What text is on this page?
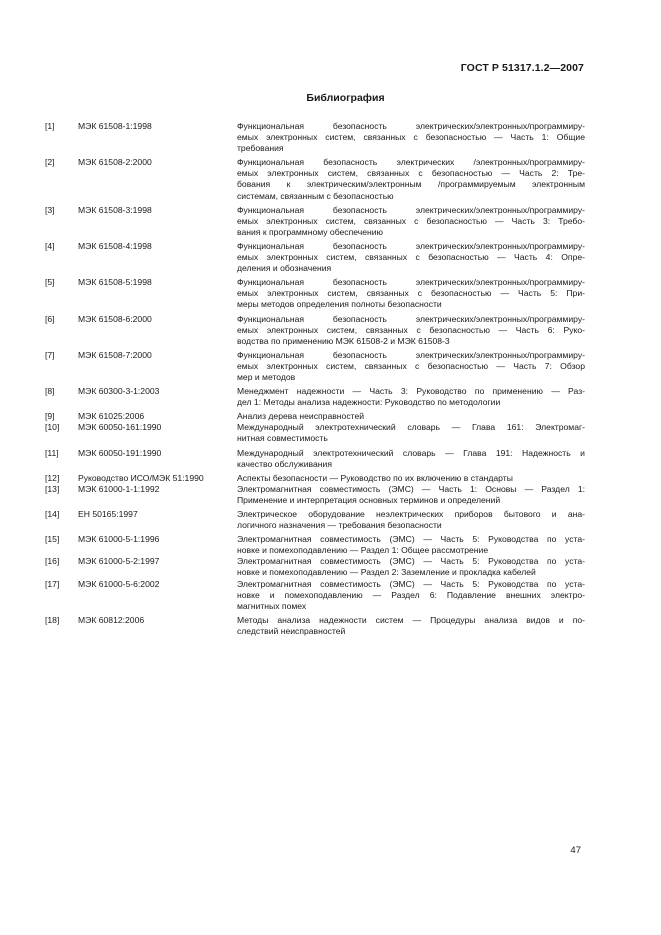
ГОСТ Р 51317.1.2—2007
Библиография
[1]	МЭК 61508-1:1998	Функциональная безопасность электрических/электронных/программиру-
емых электронных систем, связанных с безопасностью — Часть 1: Общие
требования
[2]	МЭК 61508-2:2000	Функциональная безопасность электрических /электронных/программиру-
емых электронных систем, связанных с безопасностью — Часть 2: Тре-
бования к электрическим/электронным /программируемым электронным
системам, связанным с безопасностью
[3]	МЭК 61508-3:1998	Функциональная безопасность электрических/электронных/программиру-
емых электронных систем, связанных с безопасностью — Часть 3: Требо-
вания к программному обеспечению
[4]	МЭК 61508-4:1998	Функциональная безопасность электрических/электронных/программиру-
емых электронных систем, связанных с безопасностью — Часть 4: Опре-
деления и обозначения
[5]	МЭК 61508-5:1998	Функциональная безопасность электрических/электронных/программиру-
емых электронных систем, связанных с безопасностью — Часть 5: При-
меры методов определения полноты безопасности
[6]	МЭК 61508-6:2000	Функциональная безопасность электрических/электронных/программиру-
емых электронных систем, связанных с безопасностью — Часть 6: Руко-
водства по применению МЭК 61508-2 и МЭК 61508-3
[7]	МЭК 61508-7:2000	Функциональная безопасность электрических/электронных/программиру-
емых электронных систем, связанных с безопасностью — Часть 7: Обзор
мер и методов
[8]	МЭК 60300-3-1:2003	Менеджмент надежности — Часть 3: Руководство по применению — Раз-
дел 1: Методы анализа надежности: Руководство по методологии
[9]	МЭК 61025:2006	Анализ дерева неисправностей
[10]	МЭК 60050-161:1990	Международный электротехнический словарь — Глава 161: Электромаг-
нитная совместимость
[11]	МЭК 60050-191:1990	Международный электротехнический словарь — Глава 191: Надежность и
качество обслуживания
[12]	Руководство ИСО/МЭК 51:1990	Аспекты безопасности — Руководство по их включению в стандарты
[13]	МЭК 61000-1-1:1992	Электромагнитная совместимость (ЭМС) — Часть 1: Основы — Раздел 1:
Применение и интерпретация основных терминов и определений
[14]	ЕН 50165:1997	Электрическое оборудование неэлектрических приборов бытового и ана-
логичного назначения — требования безопасности
[15]	МЭК 61000-5-1:1996	Электромагнитная совместимость (ЭМС) — Часть 5: Руководства по уста-
новке и помехоподавлению — Раздел 1: Общее рассмотрение
[16]	МЭК 61000-5-2:1997	Электромагнитная совместимость (ЭМС) — Часть 5: Руководства по уста-
новке и помехоподавлению — Раздел 2: Заземление и прокладка кабелей
[17]	МЭК 61000-5-6:2002	Электромагнитная совместимость (ЭМС) — Часть 5: Руководства по уста-
новке и помехоподавлению — Раздел 6: Подавление внешних электро-
магнитных помех
[18]	МЭК 60812:2006	Методы анализа надежности систем — Процедуры анализа видов и по-
следствий неисправностей
47
